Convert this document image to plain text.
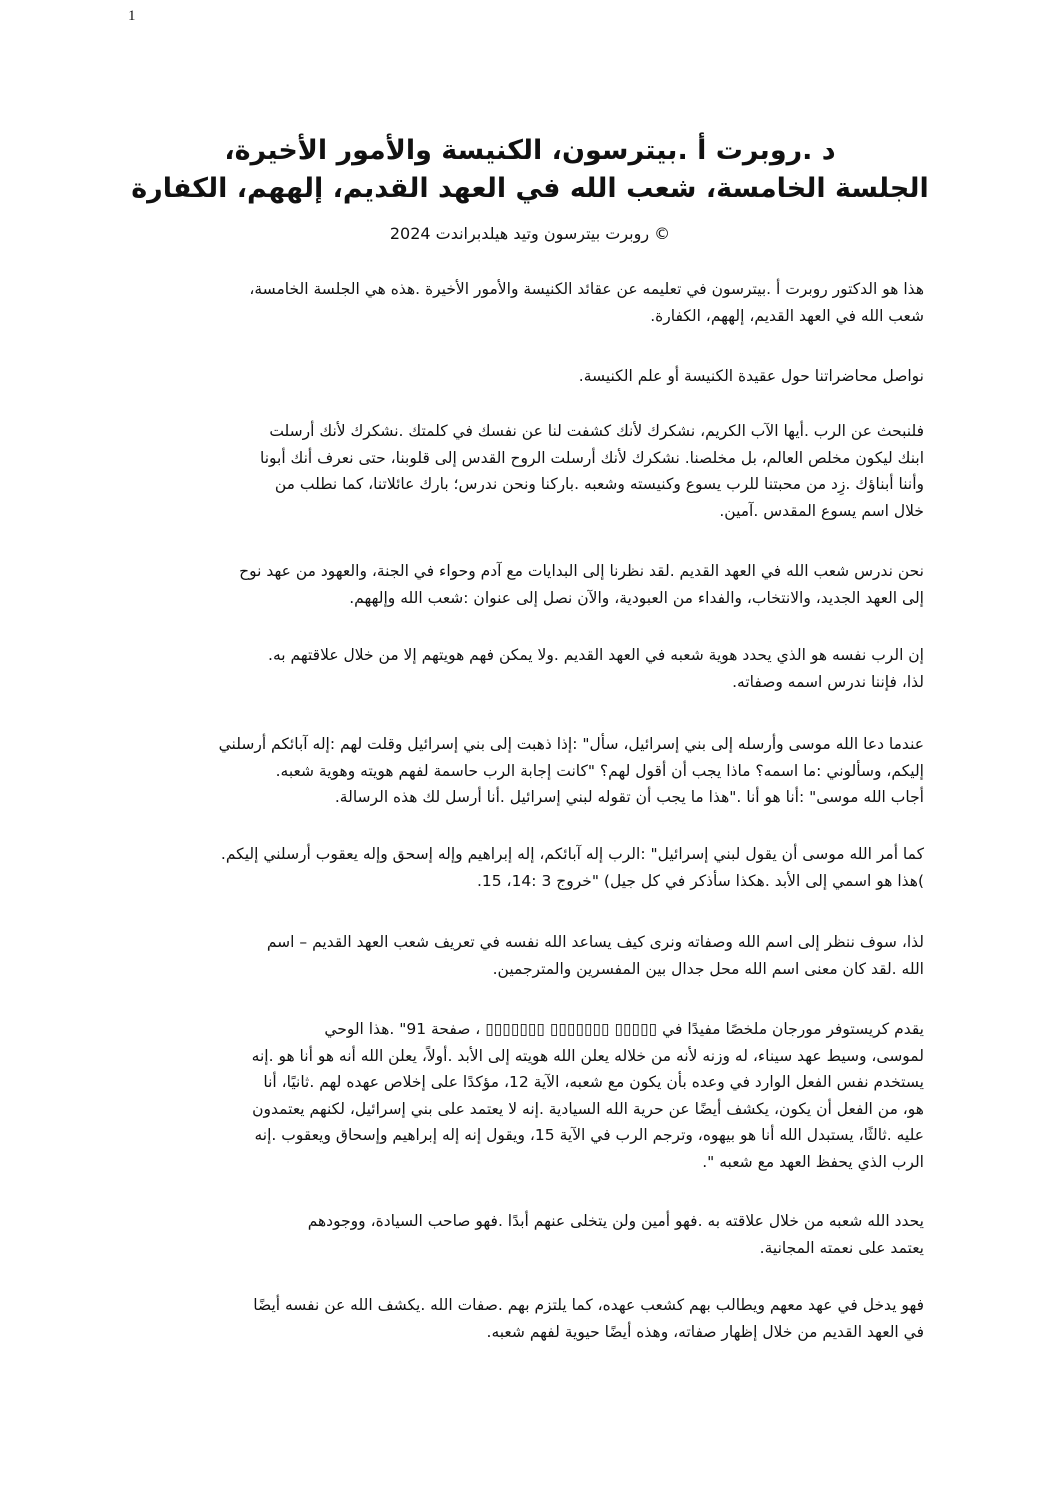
1
،د .روبرت أ .بيترسون، الكنيسة والأمور الأخيرة
الجلسة الخامسة، شعب الله في العهد القديم، إلههم، الكفارة
روبرت بيترسون وتيد هيلدبراندت 2024 ©
،هذا هو الدكتور روبرت أ .بيترسون في تعليمه عن عقائد الكنيسة والأمور الأخيرة .هذه هي الجلسة الخامسة
.شعب الله في العهد القديم، إلههم، الكفارة
.نواصل محاضراتنا حول عقيدة الكنيسة أو علم الكنيسة
فلنبحث عن الرب .أيها الآب الكريم، نشكرك لأنك كشفت لنا عن نفسك في كلمتك .نشكرك لأنك أرسلت
ابنك ليكون مخلص العالم، بل مخلصنا. نشكرك لأنك أرسلت الروح القدس إلى قلوبنا، حتى نعرف أنك أبونا
وأننا أبناؤك .زِد من محبتنا للرب يسوع وكنيسته وشعبه .باركنا ونحن ندرس؛ بارك عائلاتنا، كما نطلب من
.خلال اسم يسوع المقدس .آمين
نحن ندرس شعب الله في العهد القديم .لقد نظرنا إلى البدايات مع آدم وحواء في الجنة، والعهود من عهد نوح
.إلى العهد الجديد، والانتخاب، والفداء من العبودية، والآن نصل إلى عنوان :شعب الله وإلههم
.إن الرب نفسه هو الذي يحدد هوية شعبه في العهد القديم .ولا يمكن فهم هويتهم إلا من خلال علاقتهم به
.لذا، فإننا ندرس اسمه وصفاته
عندما دعا الله موسى وأرسله إلى بني إسرائيل، سأل" :إذا ذهبت إلى بني إسرائيل وقلت لهم :إله آبائكم أرسلني
.إليكم، وسألوني :ما اسمه؟ ماذا يجب أن أقول لهم؟ "كانت إجابة الرب حاسمة لفهم هويته وهوية شعبه
.أجاب الله موسى" :أنا هو أنا ."هذا ما يجب أن تقوله لبني إسرائيل .أنا أرسل لك هذه الرسالة
.كما أمر الله موسى أن يقول لبني إسرائيل" :الرب إله آبائكم، إله إبراهيم وإله إسحق وإله يعقوب أرسلني إليكم
.هذا هو اسمي إلى الأبد .هكذا سأذكر في كل جيل) "خروج 3 :14، 15(
لذا، سوف ننظر إلى اسم الله وصفاته ونرى كيف يساعد الله نفسه في تعريف شعب العهد القديم – اسم
.الله .لقد كان معنى اسم الله محل جدال بين المفسرين والمترجمين
يقدم كريستوفر مورجان ملخصًا مفيدًا في ▯▯▯▯▯ ▯▯▯▯▯▯▯ ▯▯▯▯▯▯▯ ، صفحة 91" .هذا الوحي
لموسى، وسيط عهد سيناء، له وزنه لأنه من خلاله يعلن الله هويته إلى الأبد .أولاً، يعلن الله أنه هو أنا هو .إنه
يستخدم نفس الفعل الوارد في وعده بأن يكون مع شعبه، الآية 12، مؤكدًا على إخلاص عهده لهم .ثانيًا، أنا
هو، من الفعل أن يكون، يكشف أيضًا عن حرية الله السيادية .إنه لا يعتمد على بني إسرائيل، لكنهم يعتمدون
عليه .ثالثًا، يستبدل الله أنا هو بيهوه، وترجم الرب في الآية 15، ويقول إنه إله إبراهيم وإسحاق ويعقوب .إنه
." الرب الذي يحفظ العهد مع شعبه
يحدد الله شعبه من خلال علاقته به .فهو أمين ولن يتخلى عنهم أبدًا .فهو صاحب السيادة، ووجودهم
.يعتمد على نعمته المجانية
فهو يدخل في عهد معهم ويطالب بهم كشعب عهده، كما يلتزم بهم .صفات الله .يكشف الله عن نفسه أيضًا
.في العهد القديم من خلال إظهار صفاته، وهذه أيضًا حيوية لفهم شعبه
